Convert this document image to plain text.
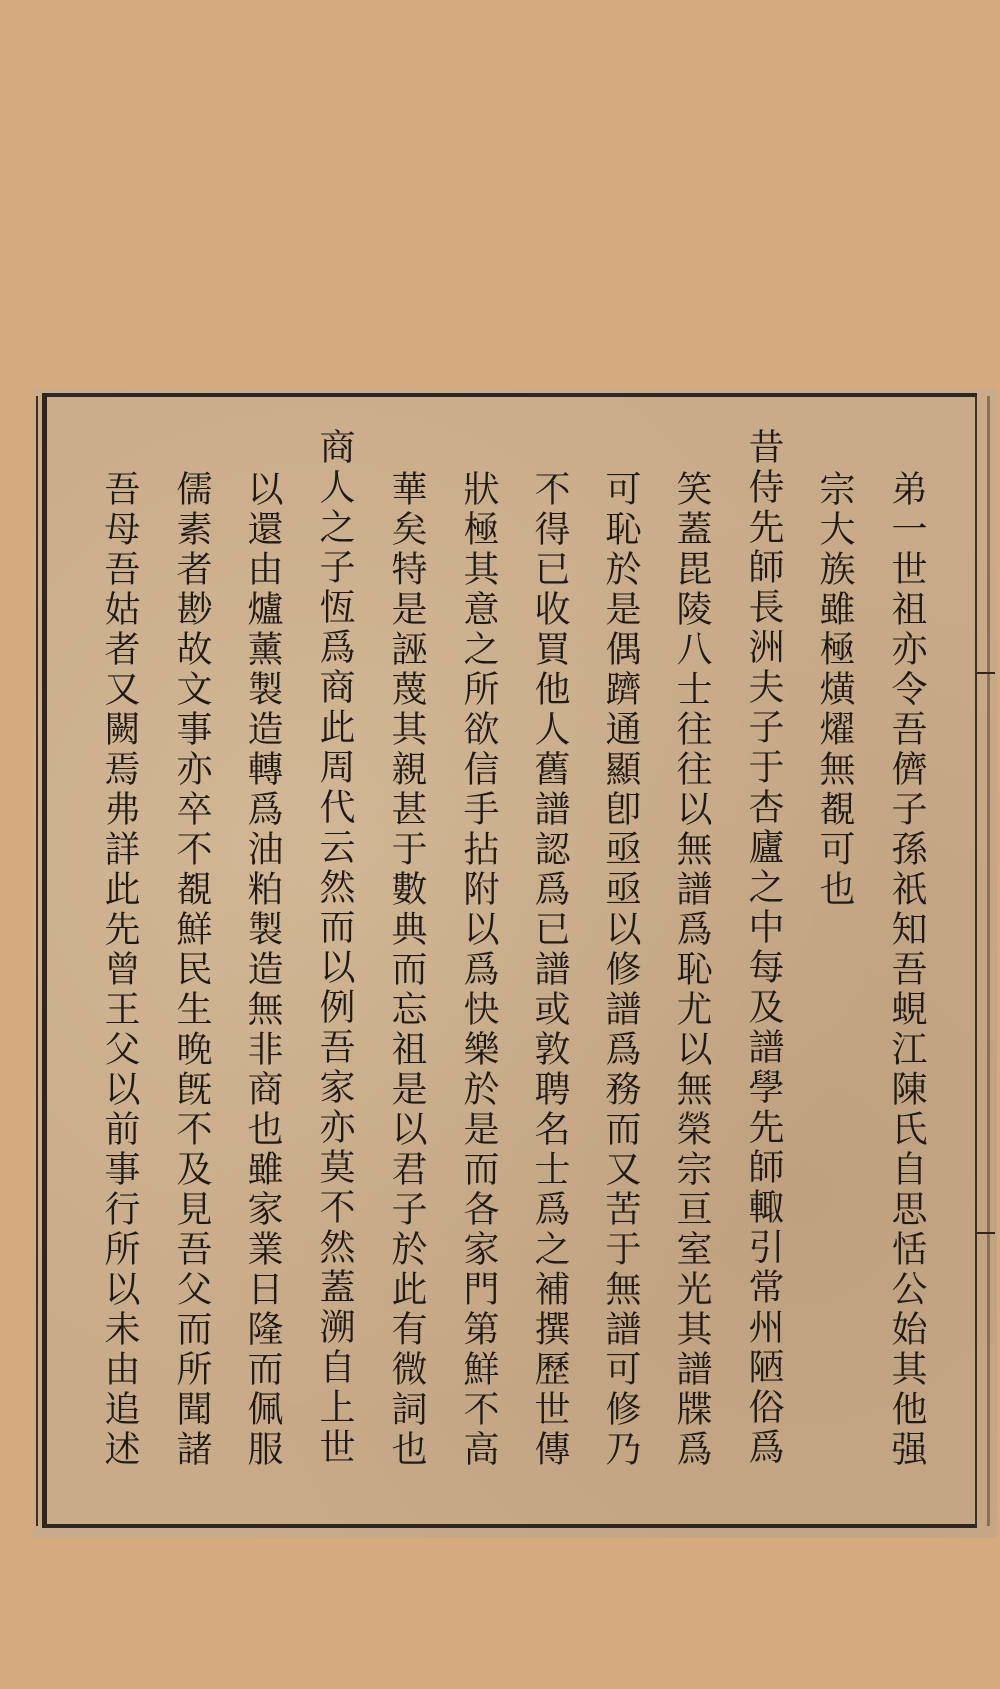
弟一世祖亦令吾儕子孫祇知吾蜆江陳氏自思恬公始其他强
宗大族雖極熿燿無覩可也
昔侍先師長洲夫子于杏廬之中每及譜學先師輙引常州陋俗爲
笑蓋毘陵八士往往以無譜爲恥尤以無榮宗亘室光其譜牒爲
可恥於是偶躋通顯卽亟亟以修譜爲務而又苦于無譜可修乃
不得已收買他人舊譜認爲已譜或敦聘名士爲之補撰歷世傳
狀極其意之所欲信手拈附以爲快樂於是而各家門第鮮不高
華矣特是誣蔑其親甚于數典而忘祖是以君子於此有微詞也
商人之子恆爲商此周代云然而以例吾家亦莫不然蓋溯自上世
以還由爐薰製造轉爲油粕製造無非商也雖家業日隆而佩服
儒素者尠故文事亦卒不覩鮮民生晚旣不及見吾父而所聞諸
吾母吾姑者又闕焉弗詳此先曾王父以前事行所以未由追述
